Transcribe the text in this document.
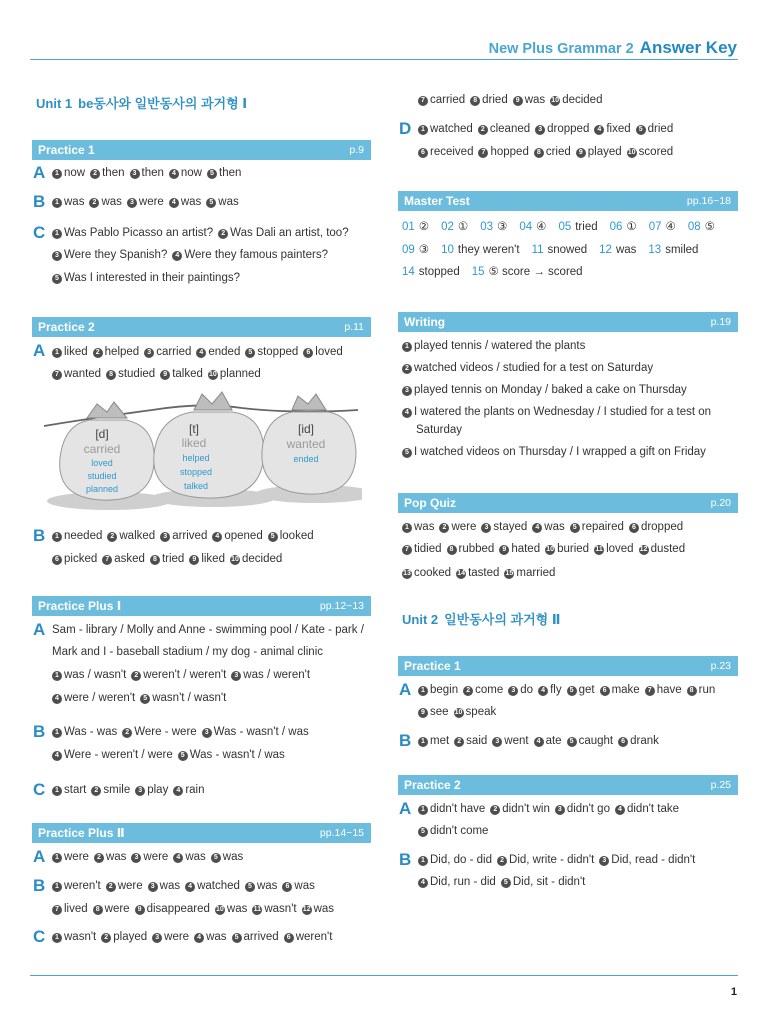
New Plus Grammar 2 Answer Key
Unit 1 be동사와 일반동사의 과거형 Ⅰ
Practice 1	p.9
A	1 now 2 then 3 then 4 now 5 then
B	1 was 2 was 3 were 4 was 5 was
C	1 Was Pablo Picasso an artist? 2 Was Dali an artist, too?
3 Were they Spanish? 4 Were they famous painters?
5 Was I interested in their paintings?
Practice 2	p.11
A	1 liked 2 helped 3 carried 4 ended 5 stopped 6 loved
7 wanted 8 studied 9 talked 10 planned
[d]
carried
loved
studied
planned
[t]
liked
helped
stopped
talked
[id]
wanted
ended
B	1 needed 2 walked 3 arrived 4 opened 5 looked
6 picked 7 asked 8 tried 9 liked 10 decided
Practice Plus Ⅰ	pp.12~13
A Sam - library / Molly and Anne - swimming pool / Kate - park /
Mark and I - baseball stadium / my dog - animal clinic
1 was / wasn't 2 weren't / weren't 3 was / weren't
4 were / weren't 5 wasn't / wasn't
B	1 Was - was 2 Were - were 3 Was - wasn't / was
4 Were - weren't / were 5 Was - wasn't / was
C	1 start 2 smile 3 play 4 rain
Practice Plus Ⅱ	pp.14~15
A	1 were 2 was 3 were 4 was 5 was
B	1 weren't 2 were 3 was 4 watched 5 was 6 was
7 lived 8 were 9 disappeared 10 was 11 wasn't 12 was
C	1 wasn't 2 played 3 were 4 was 5 arrived 6 weren't
7 carried 8 dried 9 was 10 decided
D	1 watched 2 cleaned 3 dropped 4 fixed 5 dried
6 received 7 hopped 8 cried 9 played 10 scored
Master Test	pp.16~18
01 ② 02 ① 03 ③ 04 ④ 05 tried 06 ① 07 ④ 08 ⑤
09 ③ 10 they weren't 11 snowed 12 was 13 smiled
14 stopped 15 ⑤ score → scored
Writing	p.19
1 played tennis / watered the plants
2 watched videos / studied for a test on Saturday
3 played tennis on Monday / baked a cake on Thursday
4 I watered the plants on Wednesday / I studied for a test on
Saturday
5 I watched videos on Thursday / I wrapped a gift on Friday
Pop Quiz	p.20
1 was 2 were 3 stayed 4 was 5 repaired 6 dropped
7 tidied 8 rubbed 9 hated 10 buried 11 loved 12 dusted
13 cooked 14 tasted 15 married
Unit 2 일반동사의 과거형 Ⅱ
Practice 1	p.23
A	1 begin 2 come 3 do 4 fly 5 get 6 make 7 have 8 run
9 see 10 speak
B	1 met 2 said 3 went 4 ate 5 caught 6 drank
Practice 2	p.25
A	1 didn't have 2 didn't win 3 didn't go 4 didn't take
5 didn't come
B	1 Did, do - did 2 Did, write - didn't 3 Did, read - didn't
4 Did, run - did 5 Did, sit - didn't
1
